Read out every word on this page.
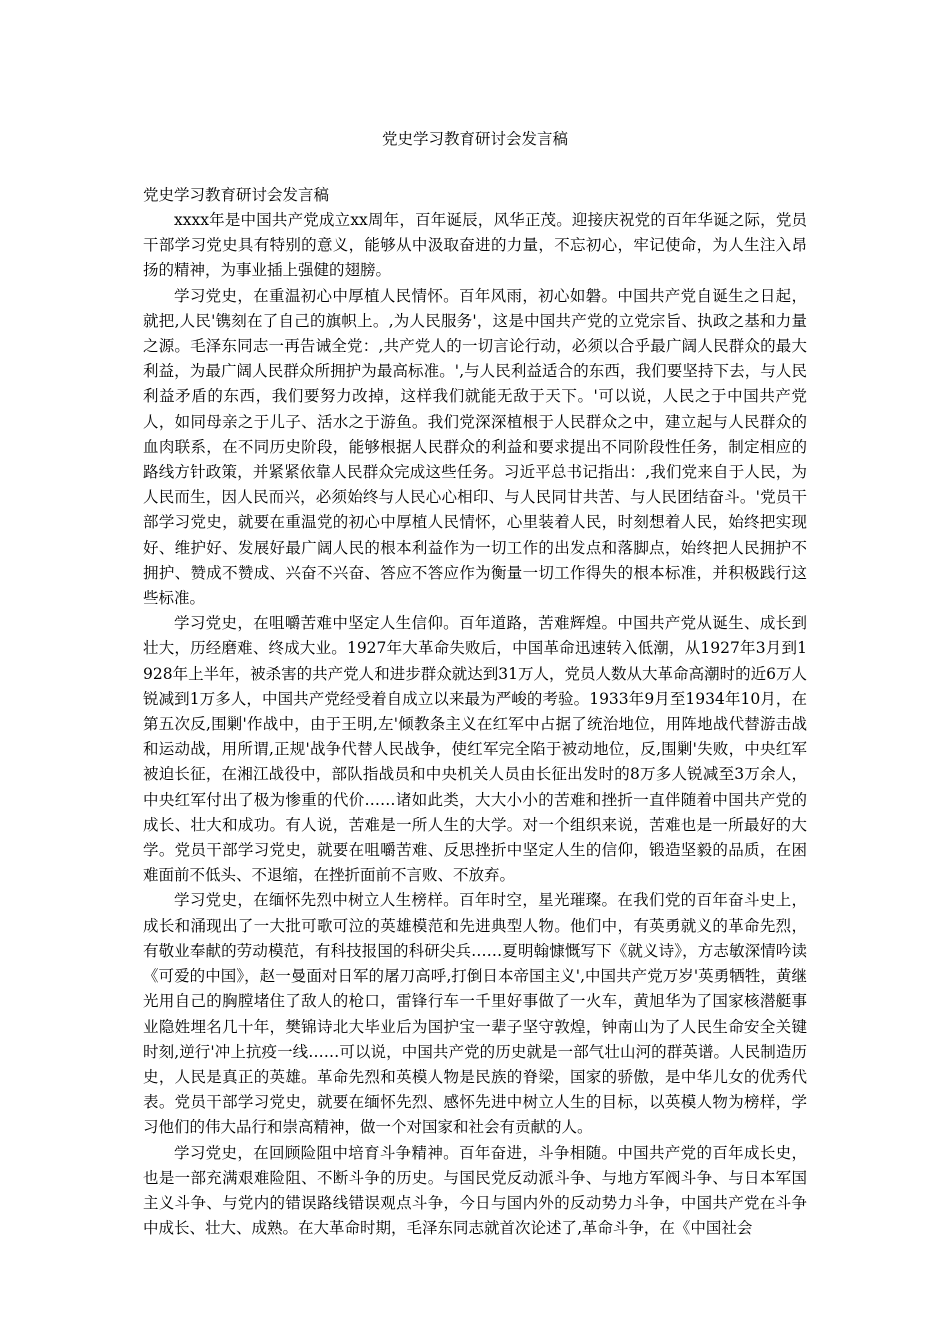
党史学习教育研讨会发言稿
党史学习教育研讨会发言稿

xxxx年是中国共产党成立xx周年，百年诞辰，风华正茂。迎接庆祝党的百年华诞之际，党员干部学习党史具有特别的意义，能够从中汲取奋进的力量，不忘初心，牢记使命，为人生注入昂扬的精神，为事业插上强健的翅膀。

学习党史，在重温初心中厚植人民情怀。百年风雨，初心如磐。中国共产党自诞生之日起，就把‚人民'镌刻在了自己的旗帜上。‚为人民服务'，这是中国共产党的立党宗旨、执政之基和力量之源。毛泽东同志一再告诫全党：‚共产党人的一切言论行动，必须以合乎最广阔人民群众的最大利益，为最广阔人民群众所拥护为最高标准。'‚与人民利益适合的东西，我们要坚持下去，与人民利益矛盾的东西，我们要努力改掉，这样我们就能无敌于天下。'可以说，人民之于中国共产党人，如同母亲之于儿子、活水之于游鱼。我们党深深植根于人民群众之中，建立起与人民群众的血肉联系，在不同历史阶段，能够根据人民群众的利益和要求提出不同阶段性任务，制定相应的路线方针政策，并紧紧依靠人民群众完成这些任务。习近平总书记指出：‚我们党来自于人民，为人民而生，因人民而兴，必须始终与人民心心相印、与人民同甘共苦、与人民团结奋斗。'党员干部学习党史，就要在重温党的初心中厚植人民情怀，心里装着人民，时刻想着人民，始终把实现好、维护好、发展好最广阔人民的根本利益作为一切工作的出发点和落脚点，始终把人民拥护不拥护、赞成不赞成、兴奋不兴奋、答应不答应作为衡量一切工作得失的根本标准，并积极践行这些标准。

学习党史，在咀嚼苦难中坚定人生信仰。百年道路，苦难辉煌。中国共产党从诞生、成长到壮大，历经磨难、终成大业。1927年大革命失败后，中国革命迅速转入低潮，从1927年3月到1928年上半年，被杀害的共产党人和进步群众就达到31万人，党员人数从大革命高潮时的近6万人锐减到1万多人，中国共产党经受着自成立以来最为严峻的考验。1933年9月至1934年10月，在第五次反‚围剿'作战中，由于王明‚左'倾教条主义在红军中占据了统治地位，用阵地战代替游击战和运动战，用所谓‚正规'战争代替人民战争，使红军完全陷于被动地位，反‚围剿'失败，中央红军被迫长征，在湘江战役中，部队指战员和中央机关人员由长征出发时的8万多人锐减至3万余人，中央红军付出了极为惨重的代价……诸如此类，大大小小的苦难和挫折一直伴随着中国共产党的成长、壮大和成功。有人说，苦难是一所人生的大学。对一个组织来说，苦难也是一所最好的大学。党员干部学习党史，就要在咀嚼苦难、反思挫折中坚定人生的信仰，锻造坚毅的品质，在困难面前不低头、不退缩，在挫折面前不言败、不放弃。

学习党史，在缅怀先烈中树立人生榜样。百年时空，星光璀璨。在我们党的百年奋斗史上，成长和涌现出了一大批可歌可泣的英雄模范和先进典型人物。他们中，有英勇就义的革命先烈，有敬业奉献的劳动模范，有科技报国的科研尖兵……夏明翰慷慨写下《就义诗》，方志敏深情吟读《可爱的中国》，赵一曼面对日军的屠刀高呼‚打倒日本帝国主义'‚中国共产党万岁'英勇牺牲，黄继光用自己的胸膛堵住了敌人的枪口，雷锋行车一千里好事做了一火车，黄旭华为了国家核潜艇事业隐姓埋名几十年，樊锦诗北大毕业后为国护宝一辈子坚守敦煌，钟南山为了人民生命安全关键时刻‚逆行'冲上抗疫一线……可以说，中国共产党的历史就是一部气壮山河的群英谱。人民制造历史，人民是真正的英雄。革命先烈和英模人物是民族的脊梁，国家的骄傲，是中华儿女的优秀代表。党员干部学习党史，就要在缅怀先烈、感怀先进中树立人生的目标，以英模人物为榜样，学习他们的伟大品行和崇高精神，做一个对国家和社会有贡献的人。

学习党史，在回顾险阻中培育斗争精神。百年奋进，斗争相随。中国共产党的百年成长史，也是一部充满艰难险阻、不断斗争的历史。与国民党反动派斗争、与地方军阀斗争、与日本军国主义斗争、与党内的错误路线错误观点斗争，今日与国内外的反动势力斗争，中国共产党在斗争中成长、壮大、成熟。在大革命时期，毛泽东同志就首次论述了‚革命斗争，在《中国社会
